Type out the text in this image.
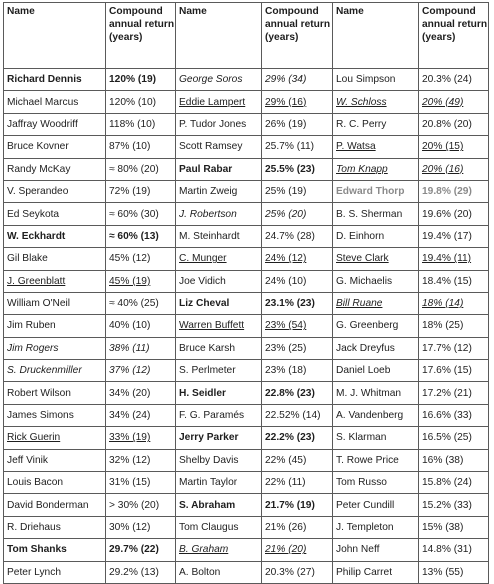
Name	Compound annual return (years)	Name	Compound annual return (years)	Name	Compound annual return (years)
Richard Dennis	120% (19)	George Soros	29% (34)	Lou Simpson	20.3% (24)
Michael Marcus	120% (10)	Eddie Lampert	29% (16)	W. Schloss	20% (49)
Jaffray Woodriff	118% (10)	P. Tudor Jones	26% (19)	R. C. Perry	20.8% (20)
Bruce Kovner	87% (10)	Scott Ramsey	25.7% (11)	P. Watsa	20% (15)
Randy McKay	≈ 80% (20)	Paul Rabar	25.5% (23)	Tom Knapp	20% (16)
V. Sperandeo	72% (19)	Martin Zweig	25% (19)	Edward Thorp	19.8% (29)
Ed Seykota	≈ 60% (30)	J. Robertson	25% (20)	B. S. Sherman	19.6% (20)
W. Eckhardt	≈ 60% (13)	M. Steinhardt	24.7% (28)	D. Einhorn	19.4% (17)
Gil Blake	45% (12)	C. Munger	24% (12)	Steve Clark	19.4% (11)
J. Greenblatt	45% (19)	Joe Vidich	24% (10)	G. Michaelis	18.4% (15)
William O'Neil	≈ 40% (25)	Liz Cheval	23.1% (23)	Bill Ruane	18% (14)
Jim Ruben	40% (10)	Warren Buffett	23% (54)	G. Greenberg	18% (25)
Jim Rogers	38% (11)	Bruce Karsh	23% (25)	Jack Dreyfus	17.7% (12)
S. Druckenmiller	37% (12)	S. Perlmeter	23% (18)	Daniel Loeb	17.6% (15)
Robert Wilson	34% (20)	H. Seidler	22.8% (23)	M. J. Whitman	17.2% (21)
James Simons	34% (24)	F. G. Paramés	22.52% (14)	A. Vandenberg	16.6% (33)
Rick Guerin	33% (19)	Jerry Parker	22.2% (23)	S. Klarman	16.5% (25)
Jeff Vinik	32% (12)	Shelby Davis	22% (45)	T. Rowe Price	16% (38)
Louis Bacon	31% (15)	Martin Taylor	22% (11)	Tom Russo	15.8% (24)
David Bonderman	> 30% (20)	S. Abraham	21.7% (19)	Peter Cundill	15.2% (33)
R. Driehaus	30% (12)	Tom Claugus	21% (26)	J. Templeton	15% (38)
Tom Shanks	29.7% (22)	B. Graham	21% (20)	John Neff	14.8% (31)
Peter Lynch	29.2% (13)	A. Bolton	20.3% (27)	Philip Carret	13% (55)
